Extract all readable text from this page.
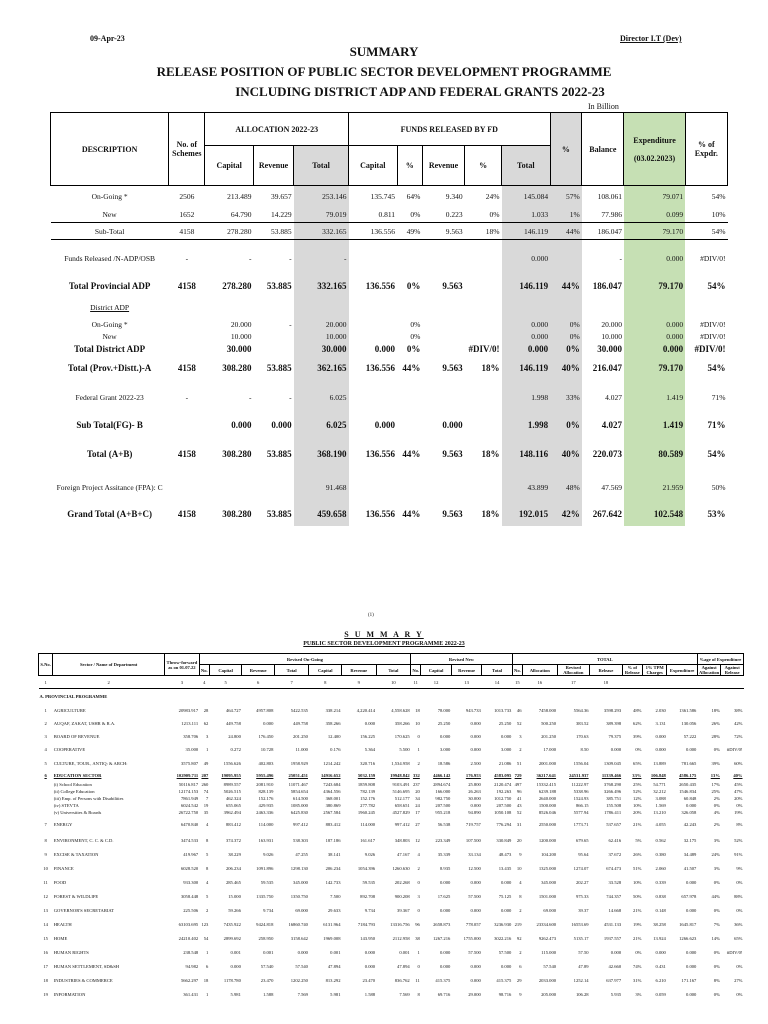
09-Apr-23	Director I.T (Dev)
SUMMARY
RELEASE POSITION OF PUBLIC SECTOR DEVELOPMENT PROGRAMME
INCLUDING DISTRICT ADP AND FEDERAL GRANTS 2022-23
In Billion
DESCRIPTION	No. of Schemes	ALLOCATION 2022-23			FUNDS RELEASED BY FD					%	Balance	Expenditure

(03.02.2023)	% of Expdr.
		Capital	Revenue	Total	Capital	%	Revenue	%	Total				
On-Going *	2506	213.489	39.657	253.146	135.745	64%	9.340	24%	145.084	57%	108.061	79.071	54%
New	1652	64.790	14.229	79.019	0.811	0%	0.223	0%	1.033	1%	77.986	0.099	10%
Sub-Total	4158	278.280	53.885	332.165	136.556	49%	9.563	18%	146.119	44%	186.047	79.170	54%
Funds Released /N-ADP/OSB	-	-	-	-					0.000		-	0.000	#DIV/0!
Total Provincial ADP	4158	278.280	53.885	332.165	136.556	0%	9.563		146.119	44%	186.047	79.170	54%
District ADP													
On-Going *		20.000	-	20.000		0%			0.000	0%	20.000	0.000	#DIV/0!
New		10.000		10.000		0%			0.000	0%	10.000	0.000	#DIV/0!
Total District ADP		30.000		30.000	0.000	0%		#DIV/0!	0.000	0%	30.000	0.000	#DIV/0!
Total (Prov.+Distt.)-A	4158	308.280	53.885	362.165	136.556	44%	9.563	18%	146.119	40%	216.047	79.170	54%
Federal Grant 2022-23	-	-	-	6.025					1.998	33%	4.027	1.419	71%
Sub Total(FG)- B		0.000	0.000	6.025	0.000		0.000		1.998	0%	4.027	1.419	71%
Total (A+B)	4158	308.280	53.885	368.190	136.556	44%	9.563	18%	148.116	40%	220.073	80.589	54%
Foreign Project Assitance (FPA): C				91.468					43.899	48%	47.569	21.959	50%
Grand Total (A+B+C)	4158	308.280	53.885	459.658	136.556	44%	9.563	18%	192.015	42%	267.642	102.548	53%
(1)
S U M M A R Y
PUBLIC SECTOR DEVELOPMENT PROGRAMME 2022-23
S.No.	Sector / Name of Department	Throw-forward as on 01.07.22	Revised On-Going							Revised New				TOTAL							%age of Expenditure	
			No.	Capital	Revenue	Total	Capital	Revenue	Total	No.	Capital	Revenue	Total	No.	Allocation	Revised Allocation	Release	% of Release	1% TPM Charges	Expenditure	Against Allocation	Against Release
1	2	3	4	5	6	7	8	9	10	11	12	13	14	15	16	17	18					
A. PROVINCIAL PROGRAMME																						
1	AGRICULTURE	20983.917	28	464.727	4957.808	5422.535	338.214	4,220.414	4,558.628	18	78.000	943.733	1013.733	46	7458.000	5564.36	3598.293	48%	2.030	1361.586	18%	38%
2	AUQAF, ZAKAT, USHR & R.A.	1213.111	62	449.758	0.000	449.758	358.266	0.000	358.266	10	25.250	0.000	25.250	52	500.250	383.52	389.398	62%	3.131	130.056	26%	42%
3	BOARD OF REVENUE	358.706	3	24.800	176.450	201.250	12.400	156.225	170.625	0	0.000	0.000	0.000	3	201.250	170.63	79.375	39%	0.000	57.222	28%	72%
4	COOPERATIVE	35.000	1	0.272	10.728	11.000	0.176	5.364	5.500	1	3.000	0.000	3.000	2	17.000	8.50	0.000	0%	0.000	0.000	0%	#DIV/0!
5	CULTURE, TOUR., ANTIQ: & ARCH:	3575.807	49	1556.626	402.803	1958.929	1214.242	320.716	1,534.958	2	18.586	2.500	21.086	51	2001.000	1556.04	1309.045	65%	13.889	781.665	39%	60%
6	EDUCATION SECTOR	102909.711	207	19095.955	5955.496	25051.451	14916.652	5032.159	19948.842	332	4466.142	176.953	4583.095	729	36217.641	24531.937	11339.466	33%	106.848	4586.175	13%	40%
	(i) School Education	50116.817	260	8989.557	2081.910	11071.467	7243.684	1859.808	9103.491	237	2894.674	25.800	2120.474	497	15332.415	11222.97	3768.290	25%	54.771	2650.435	17%	45%
	(ii) College Education	12174.153	74	5026.515	828.139	5854.654	4364.556	782.139	5146.695	20	166.000	26.263	192.263	96	6239.188	5338.96	3266.496	52%	32.212	1546.834	25%	47%
	(iii) Emp. of Persons with Disabilities	7861.949	7	462.324	152.176	614.500	368.001	152.176	512.177	34	982.750	30.000	1012.750	41	2640.000	1524.93	385.751	12%	3.088	60.848	2%	20%
	(iv) STEVTA	6024.542	19	655.065	429.935	1085.000	380.869	277.782	658.651	24	207.500	0.000	207.500	43	1500.000	866.15	155.508	10%	1.569	0.000	0%	0%
	(v) Universities & Boards	26722.750	35	3962.494	2463.336	6425.830	2567.584	1960.245	4527.829	17	955.218	94.890	1050.108	52	8526.046	5577.94	1786.411	20%	13.210	326.058	4%	19%
7	ENERGY	6470.840	4	883.412	114.000	997.412	883.412	114.000	997.412	27	56.538	719.757	776.294	31	2550.000	1773.71	537.657	21%	4.055	42.243	2%	8%
8	ENVIRONMENT, C. C. & C.D.	3474.533	8	374.372	163.931	538.303	187.186	161.617	348.803	12	223.349	107.500	330.849	20	1200.000	679.65	62.416	5%	0.562	32.175	3%	52%
9	EXCISE & TAXATION	419.967	5	38.229	9.026	47.255	38.141	9.026	47.167	4	35.339	33.134	48.473	9	104.200	95.64	37.672	26%	0.380	34.489	24%	91%
10	FINANCE	6028.520	8	206.234	1091.896	1298.130	206.234	1054.396	1260.630	2	8.935	12.500	13.435	10	1325.000	1274.07	674.473	51%	2.060	41.507	3%	9%
11	FOOD	933.300	4	285.465	59.535	345.000	142.733	59.535	202.268	0	0.000	0.000	0.000	4	345.000	202.27	33.528	10%	0.339	0.000	0%	0%
12	FOREST & WILDLIFE	3058.448	5	15.000	1335.750	1350.750	7.500	892.708	900.208	3	17.625	57.500	75.125	8	1501.000	975.33	744.357	50%	0.838	657.978	44%	88%
13	GOVERNOR'S SECRETARIAT	225.506	2	59.266	9.734	69.000	29.633	9.734	39.367	0	0.000	0.000	0.000	2	69.000	39.37	14.668	21%	0.148	0.000	0%	0%
14	HEALTH	63103.695	123	7435.922	9424.818	16860.740	6131.964	7184.793	13316.756	96	2658.873	778.057	3236.930	219	23334.600	16553.69	4531.133	19%	38.258	1645.817	7%	36%
15	HOME	24210.402	54	2899.692	258.950	3158.642	1969.008	143.950	2112.958	38	1267.216	1755.000	3022.216	92	9262.473	5135.17	1937.557	21%	13.924	1266.623	14%	65%
16	HUMAN RIGHTS	238.548	1	0.001	0.001	0.000	0.001	0.000	0.001	1	0.000	57.500	57.500	2	115.000	57.50	0.000	0%	0.000	0.000	0%	#DIV/0!
17	HUMAN SETTLEMENT, SD&SH	94.982	6	0.000	57.540	57.540	47.894	0.000	47.894	0	0.000	0.000	0.000	6	57.540	47.89	42.660	74%	0.431	0.000	0%	0%
18	INDUSTRIES & COMMERCE	5662.297	18	1178.780	23.470	1202.250	813.292	23.470	836.762	11	415.375	0.000	415.375	29	2033.000	1252.14	637.977	31%	6.210	171.167	8%	27%
19	INFORMATION	361.431	1	5.981	1.588	7.569	5.981	1.588	7.569	8	69.716	29.000	98.716	9	205.000	106.28	5.935	3%	0.059	0.000	0%	0%
